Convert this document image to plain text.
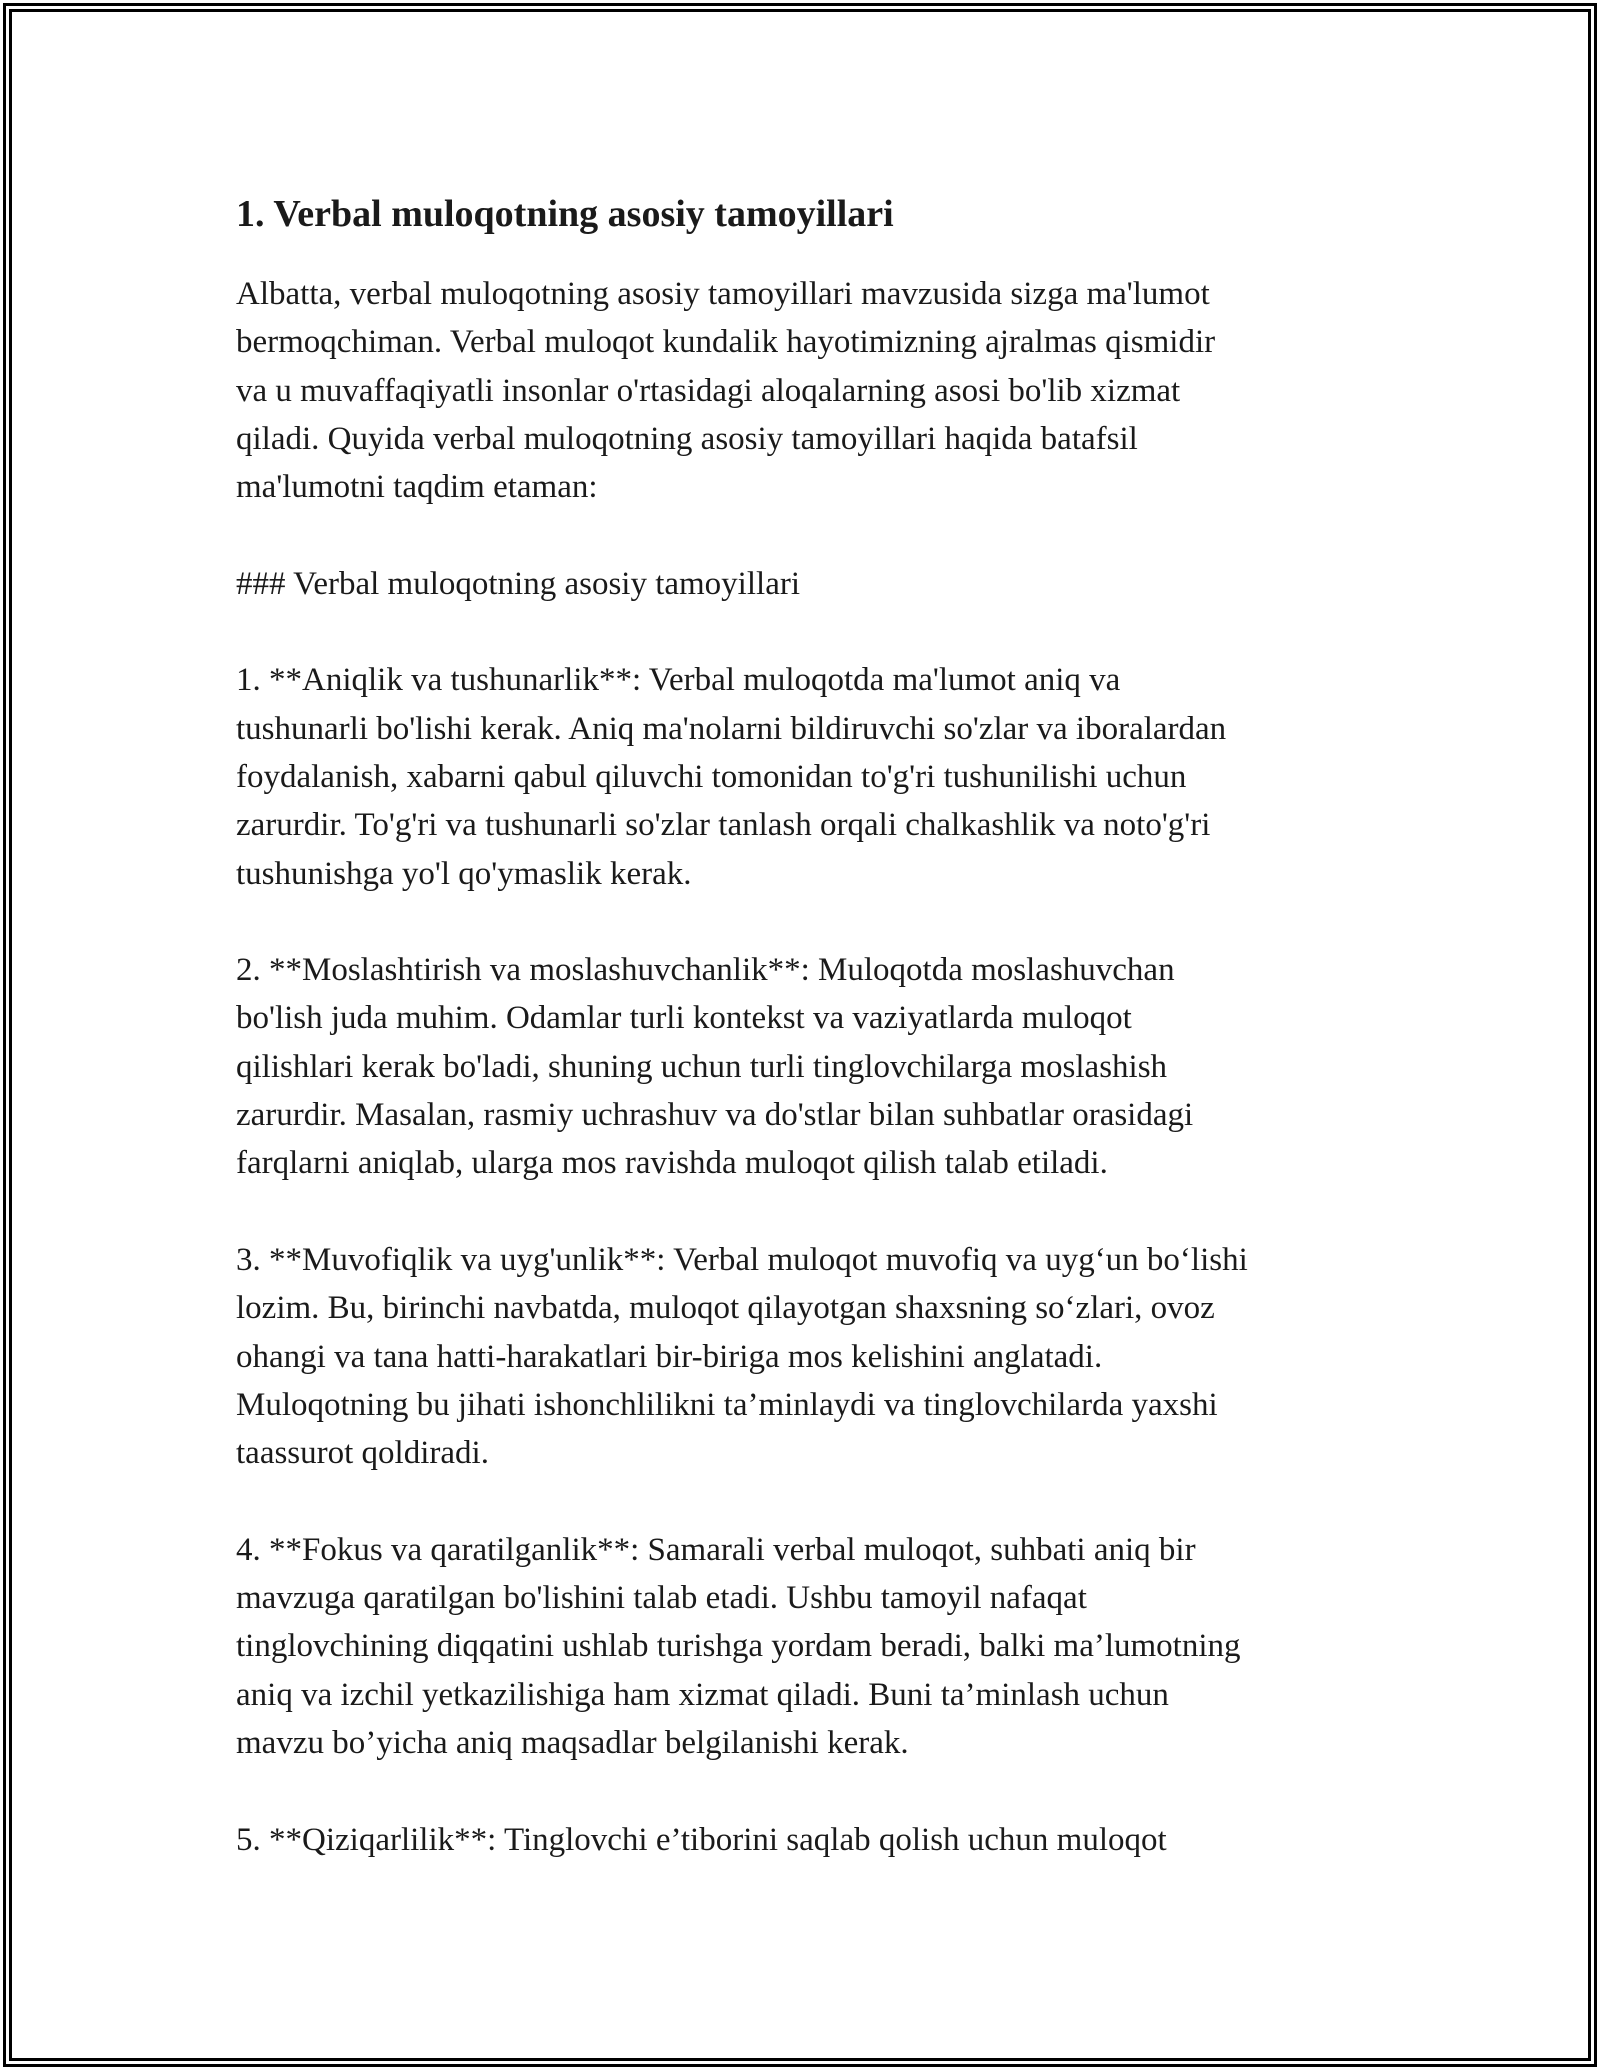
1. Verbal muloqotning asosiy tamoyillari

Albatta, verbal muloqotning asosiy tamoyillari mavzusida sizga ma'lumot
bermoqchiman. Verbal muloqot kundalik hayotimizning ajralmas qismidir
va u muvaffaqiyatli insonlar o'rtasidagi aloqalarning asosi bo'lib xizmat
qiladi. Quyida verbal muloqotning asosiy tamoyillari haqida batafsil
ma'lumotni taqdim etaman:

### Verbal muloqotning asosiy tamoyillari

1. **Aniqlik va tushunarlik**: Verbal muloqotda ma'lumot aniq va
tushunarli bo'lishi kerak. Aniq ma'nolarni bildiruvchi so'zlar va iboralardan
foydalanish, xabarni qabul qiluvchi tomonidan to'g'ri tushunilishi uchun
zarurdir. To'g'ri va tushunarli so'zlar tanlash orqali chalkashlik va noto'g'ri
tushunishga yo'l qo'ymaslik kerak.

2. **Moslashtirish va moslashuvchanlik**: Muloqotda moslashuvchan
bo'lish juda muhim. Odamlar turli kontekst va vaziyatlarda muloqot
qilishlari kerak bo'ladi, shuning uchun turli tinglovchilarga moslashish
zarurdir. Masalan, rasmiy uchrashuv va do'stlar bilan suhbatlar orasidagi
farqlarni aniqlab, ularga mos ravishda muloqot qilish talab etiladi.

3. **Muvofiqlik va uyg'unlik**: Verbal muloqot muvofiq va uyg‘un bo‘lishi
lozim. Bu, birinchi navbatda, muloqot qilayotgan shaxsning so‘zlari, ovoz
ohangi va tana hatti-harakatlari bir-biriga mos kelishini anglatadi.
Muloqotning bu jihati ishonchlilikni ta’minlaydi va tinglovchilarda yaxshi
taassurot qoldiradi.

4. **Fokus va qaratilganlik**: Samarali verbal muloqot, suhbati aniq bir
mavzuga qaratilgan bo'lishini talab etadi. Ushbu tamoyil nafaqat
tinglovchining diqqatini ushlab turishga yordam beradi, balki ma’lumotning
aniq va izchil yetkazilishiga ham xizmat qiladi. Buni ta’minlash uchun
mavzu bo’yicha aniq maqsadlar belgilanishi kerak.

5. **Qiziqarlilik**: Tinglovchi e’tiborini saqlab qolish uchun muloqot
